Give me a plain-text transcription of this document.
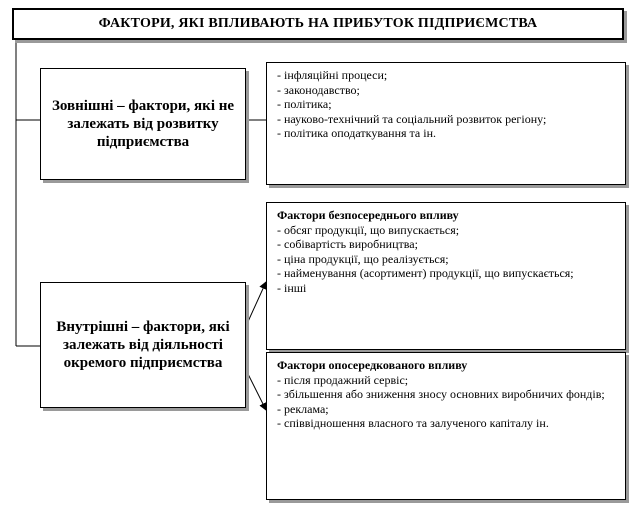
ФАКТОРИ, ЯКІ ВПЛИВАЮТЬ НА ПРИБУТОК ПІДПРИЄМСТВА
Зовнішні – фактори, які не залежать від розвитку підприємства
- інфляційні процеси;
- законодавство;
- політика;
- науково-технічний та соціальний розвиток регіону;
- політика оподаткування та ін.
Внутрішні – фактори, які залежать від діяльності окремого підприємства
Фактори безпосереднього впливу
- обсяг продукції, що випускається;
- собівартість виробництва;
- ціна продукції, що реалізується;
- найменування (асортимент) продукції, що випускається;
- інші
Фактори опосередкованого впливу
- після продажний сервіс;
- збільшення або зниження зносу основних виробничих фондів;
- реклама;
- співвідношення власного та залученого капіталу ін.
